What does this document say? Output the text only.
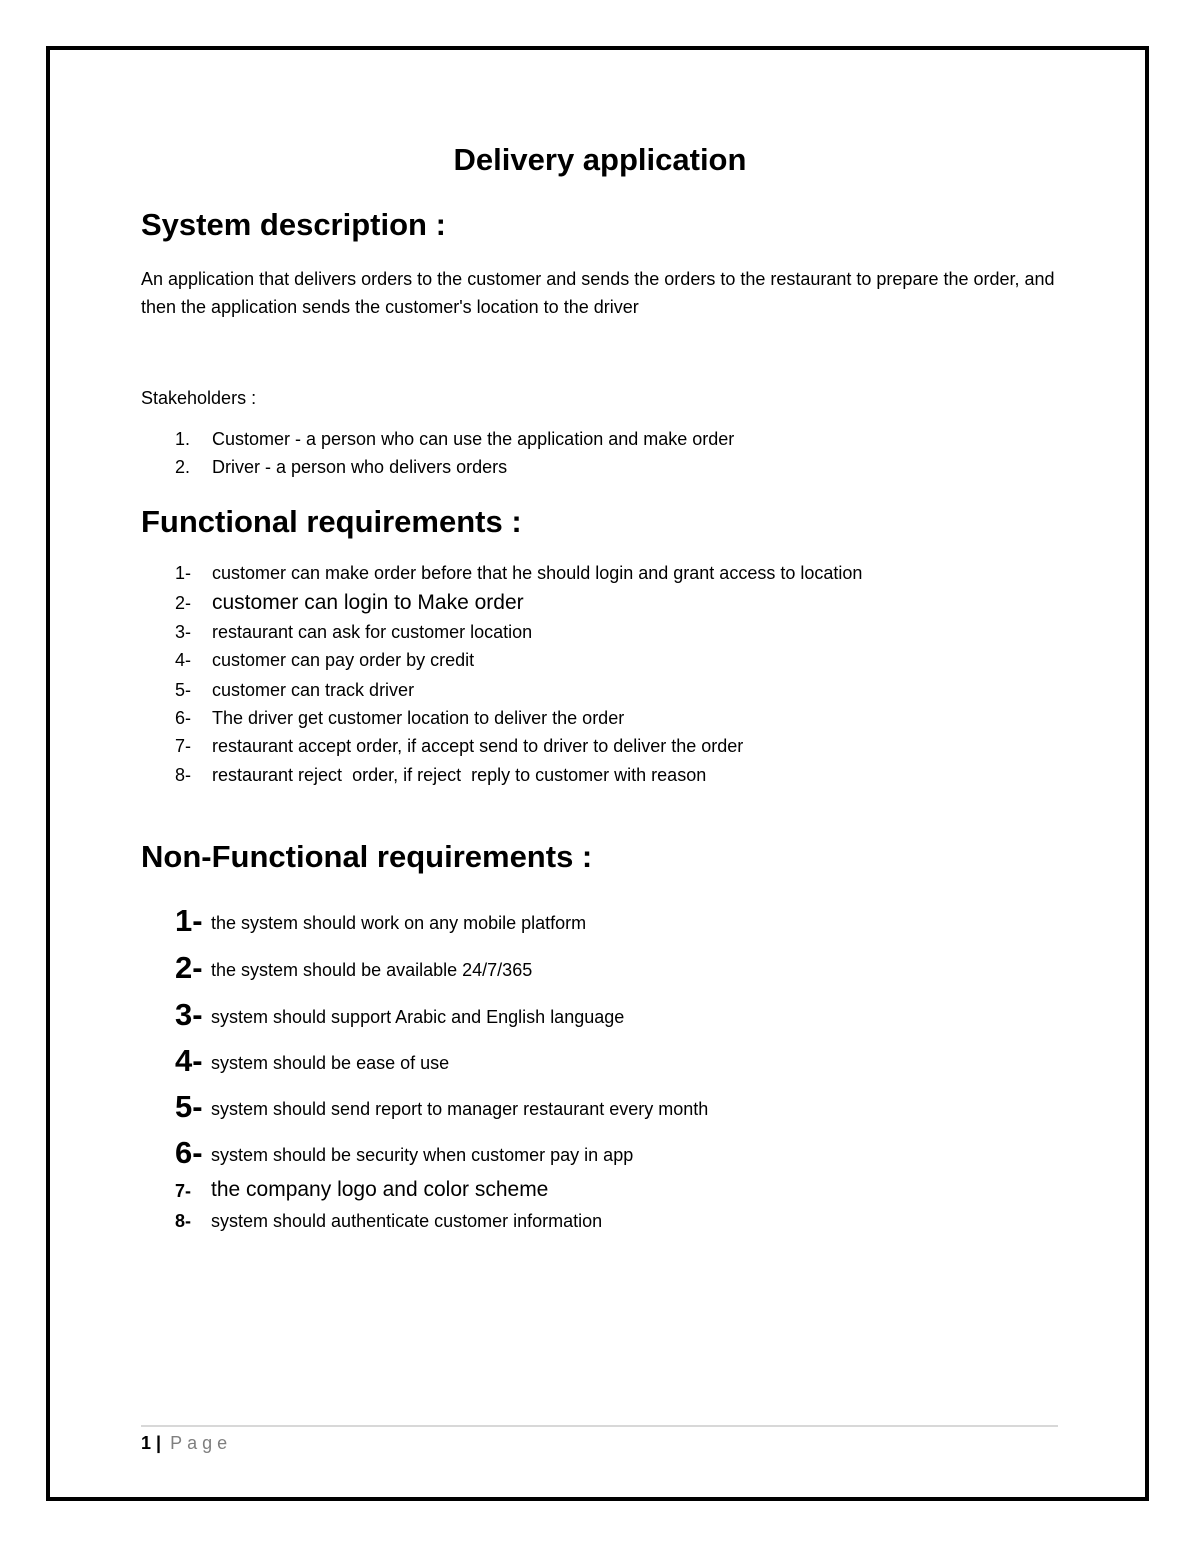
Delivery application
System description :
An application that delivers orders to the customer and sends the orders to the restaurant to prepare the order, and then the application sends the customer's location to the driver
Stakeholders :
1. Customer - a person who can use the application and make order
2. Driver - a person who delivers orders
Functional requirements :
1- customer can make order before that he should login and grant access to location
2- customer can login to Make order
3- restaurant can ask for customer location
4- customer can pay order by credit
5- customer can track driver
6- The driver get customer location to deliver the order
7- restaurant accept order, if accept send to driver to deliver the order
8- restaurant reject  order, if reject  reply to customer with reason
Non-Functional requirements :
1- the system should work on any mobile platform
2- the system should be available 24/7/365
3- system should support Arabic and English language
4- system should be ease of use
5- system should send report to manager restaurant every month
6- system should be security when customer pay in app
7- the company logo and color scheme
8- system should authenticate customer information
1 | Page
